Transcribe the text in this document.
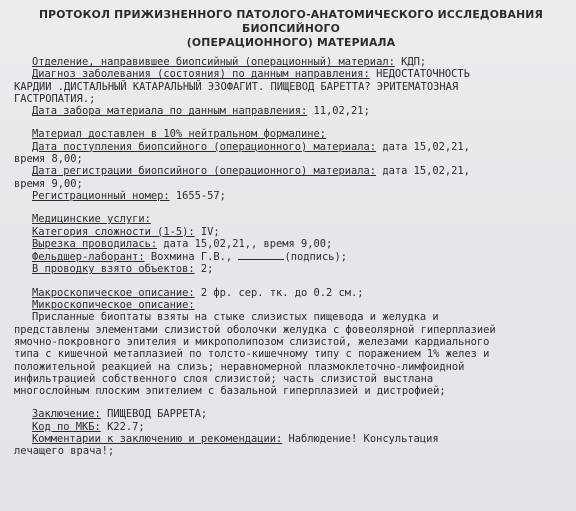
ПРОТОКОЛ ПРИЖИЗНЕННОГО ПАТОЛОГО-АНАТОМИЧЕСКОГО ИССЛЕДОВАНИЯ БИОПСИЙНОГО
(ОПЕРАЦИОННОГО) МАТЕРИАЛА
Отделение, направившее биопсийный (операционный) материал: КДП;
Диагноз заболевания (состояния) по данным направления: НЕДОСТАТОЧНОСТЬ
КАРДИИ .ДИСТАЛЬНЫЙ КАТАРАЛЬНЫЙ ЭЗОФАГИТ. ПИЩЕВОД БАРЕТТА? ЭРИТЕМАТОЗНАЯ
ГАСТРОПАТИЯ.;
Дата забора материала по данным направления: 11,02,21;
Материал доставлен в 10% нейтральном формалине;
Дата поступления биопсийного (операционного) материала: дата 15,02,21,
время 8,00;
Дата регистрации биопсийного (операционного) материала: дата 15,02,21,
время 9,00;
Регистрационный номер: 1655-57;
Медицинские услуги:
Категория сложности (1-5): IV;
Вырезка проводилась: дата 15,02,21,, время 9,00;
Фельдшер-лаборант: Вохмина Г.В.,	(подпись);
В проводку взято объектов: 2;
Макроскопическое описание: 2 фр. сер. тк. до 0.2 см.;
Микроскопическое описание:
Присланные биоптаты взяты на стыке слизистых пищевода и желудка и
представлены элементами слизистой оболочки желудка с фовеолярной гиперплазией
ямочно-покровного эпителия и микрополипозом слизистой, железами кардиального
типа с кишечной метаплазией по толсто-кишечному типу с поражением 1% желез и
положительной реакцией на слизь; неравномерной плазмоклеточно-лимфоидной
инфильтрацией собственного слоя слизистой; часть слизистой выстлана
многослойным плоским эпителием с базальной гиперплазией и дистрофией;
Заключение: ПИЩЕВОД БАРРЕТА;
Код по МКБ: К22.7;
Комментарии к заключению и рекомендации: Наблюдение! Консультация
лечащего врача!;
